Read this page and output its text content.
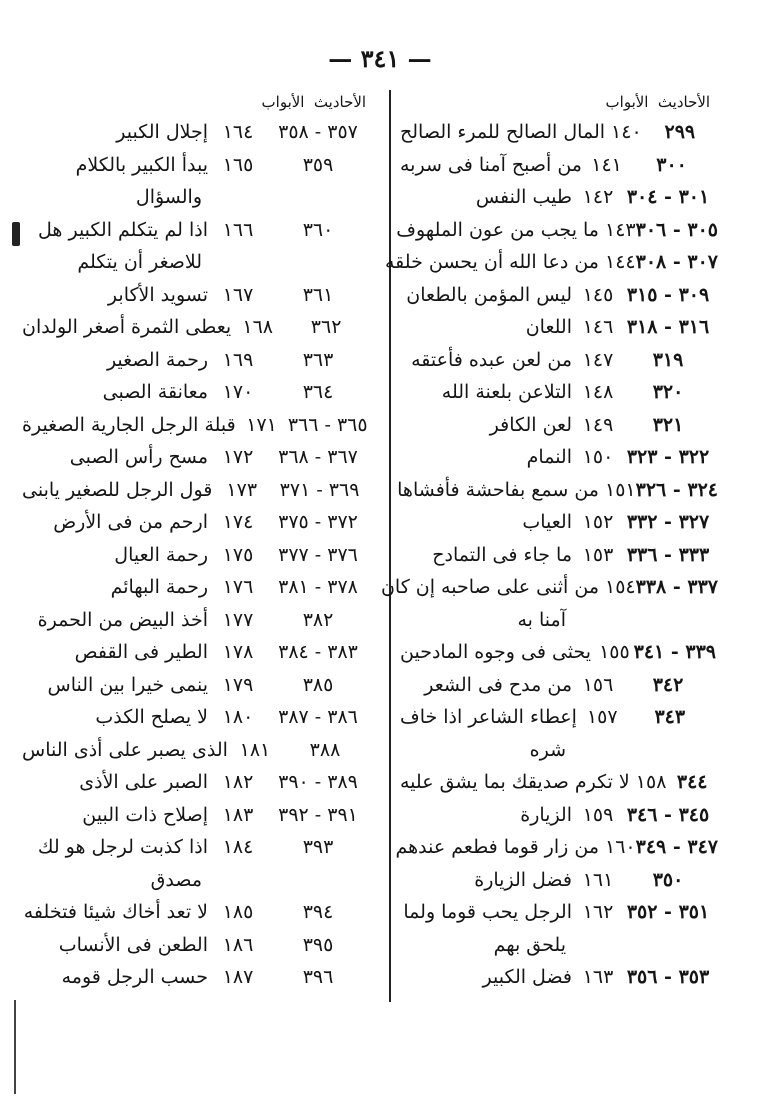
— ٣٤١ —
الأحاديث
الأبواب
٢٩٩
١٤٠
المال الصالح للمرء الصالح
٣٠٠
١٤١
من أصبح آمنا فى سربه
٣٠١ - ٣٠٤
١٤٢
طيب النفس
٣٠٥ - ٣٠٦
١٤٣
ما يجب من عون الملهوف
٣٠٧ - ٣٠٨
١٤٤
من دعا الله أن يحسن خلقه
٣٠٩ - ٣١٥
١٤٥
ليس المؤمن بالطعان
٣١٦ - ٣١٨
١٤٦
اللعان
٣١٩
١٤٧
من لعن عبده فأعتقه
٣٢٠
١٤٨
التلاعن بلعنة الله
٣٢١
١٤٩
لعن الكافر
٣٢٢ - ٣٢٣
١٥٠
النمام
٣٢٤ - ٣٢٦
١٥١
من سمع بفاحشة فأفشاها
٣٢٧ - ٣٣٢
١٥٢
العياب
٣٣٣ - ٣٣٦
١٥٣
ما جاء فى التمادح
٣٣٧ - ٣٣٨
١٥٤
من أثنى على صاحبه إن كان
آمنا به
٣٣٩ - ٣٤١
١٥٥
يحثى فى وجوه المادحين
٣٤٢
١٥٦
من مدح فى الشعر
٣٤٣
١٥٧
إعطاء الشاعر اذا خاف
شره
٣٤٤
١٥٨
لا تكرم صديقك بما يشق عليه
٣٤٥ - ٣٤٦
١٥٩
الزيارة
٣٤٧ - ٣٤٩
١٦٠
من زار قوما فطعم عندهم
٣٥٠
١٦١
فضل الزيارة
٣٥١ - ٣٥٢
١٦٢
الرجل يحب قوما ولما
يلحق بهم
٣٥٣ - ٣٥٦
١٦٣
فضل الكبير
الأحاديث
الأبواب
٣٥٧ - ٣٥٨
١٦٤
إجلال الكبير
٣٥٩
١٦٥
يبدأ الكبير بالكلام
والسؤال
٣٦٠
١٦٦
اذا لم يتكلم الكبير هل
للاصغر أن يتكلم
٣٦١
١٦٧
تسويد الأكابر
٣٦٢
١٦٨
يعطى الثمرة أصغر الولدان
٣٦٣
١٦٩
رحمة الصغير
٣٦٤
١٧٠
معانقة الصبى
٣٦٥ - ٣٦٦
١٧١
قبلة الرجل الجارية الصغيرة
٣٦٧ - ٣٦٨
١٧٢
مسح رأس الصبى
٣٦٩ - ٣٧١
١٧٣
قول الرجل للصغير يابنى
٣٧٢ - ٣٧٥
١٧٤
ارحم من فى الأرض
٣٧٦ - ٣٧٧
١٧٥
رحمة العيال
٣٧٨ - ٣٨١
١٧٦
رحمة البهائم
٣٨٢
١٧٧
أخذ البيض من الحمرة
٣٨٣ - ٣٨٤
١٧٨
الطير فى القفص
٣٨٥
١٧٩
ينمى خيرا بين الناس
٣٨٦ - ٣٨٧
١٨٠
لا يصلح الكذب
٣٨٨
١٨١
الذى يصبر على أذى الناس
٣٨٩ - ٣٩٠
١٨٢
الصبر على الأذى
٣٩١ - ٣٩٢
١٨٣
إصلاح ذات البين
٣٩٣
١٨٤
اذا كذبت لرجل هو لك
مصدق
٣٩٤
١٨٥
لا تعد أخاك شيئا فتخلفه
٣٩٥
١٨٦
الطعن فى الأنساب
٣٩٦
١٨٧
حسب الرجل قومه
